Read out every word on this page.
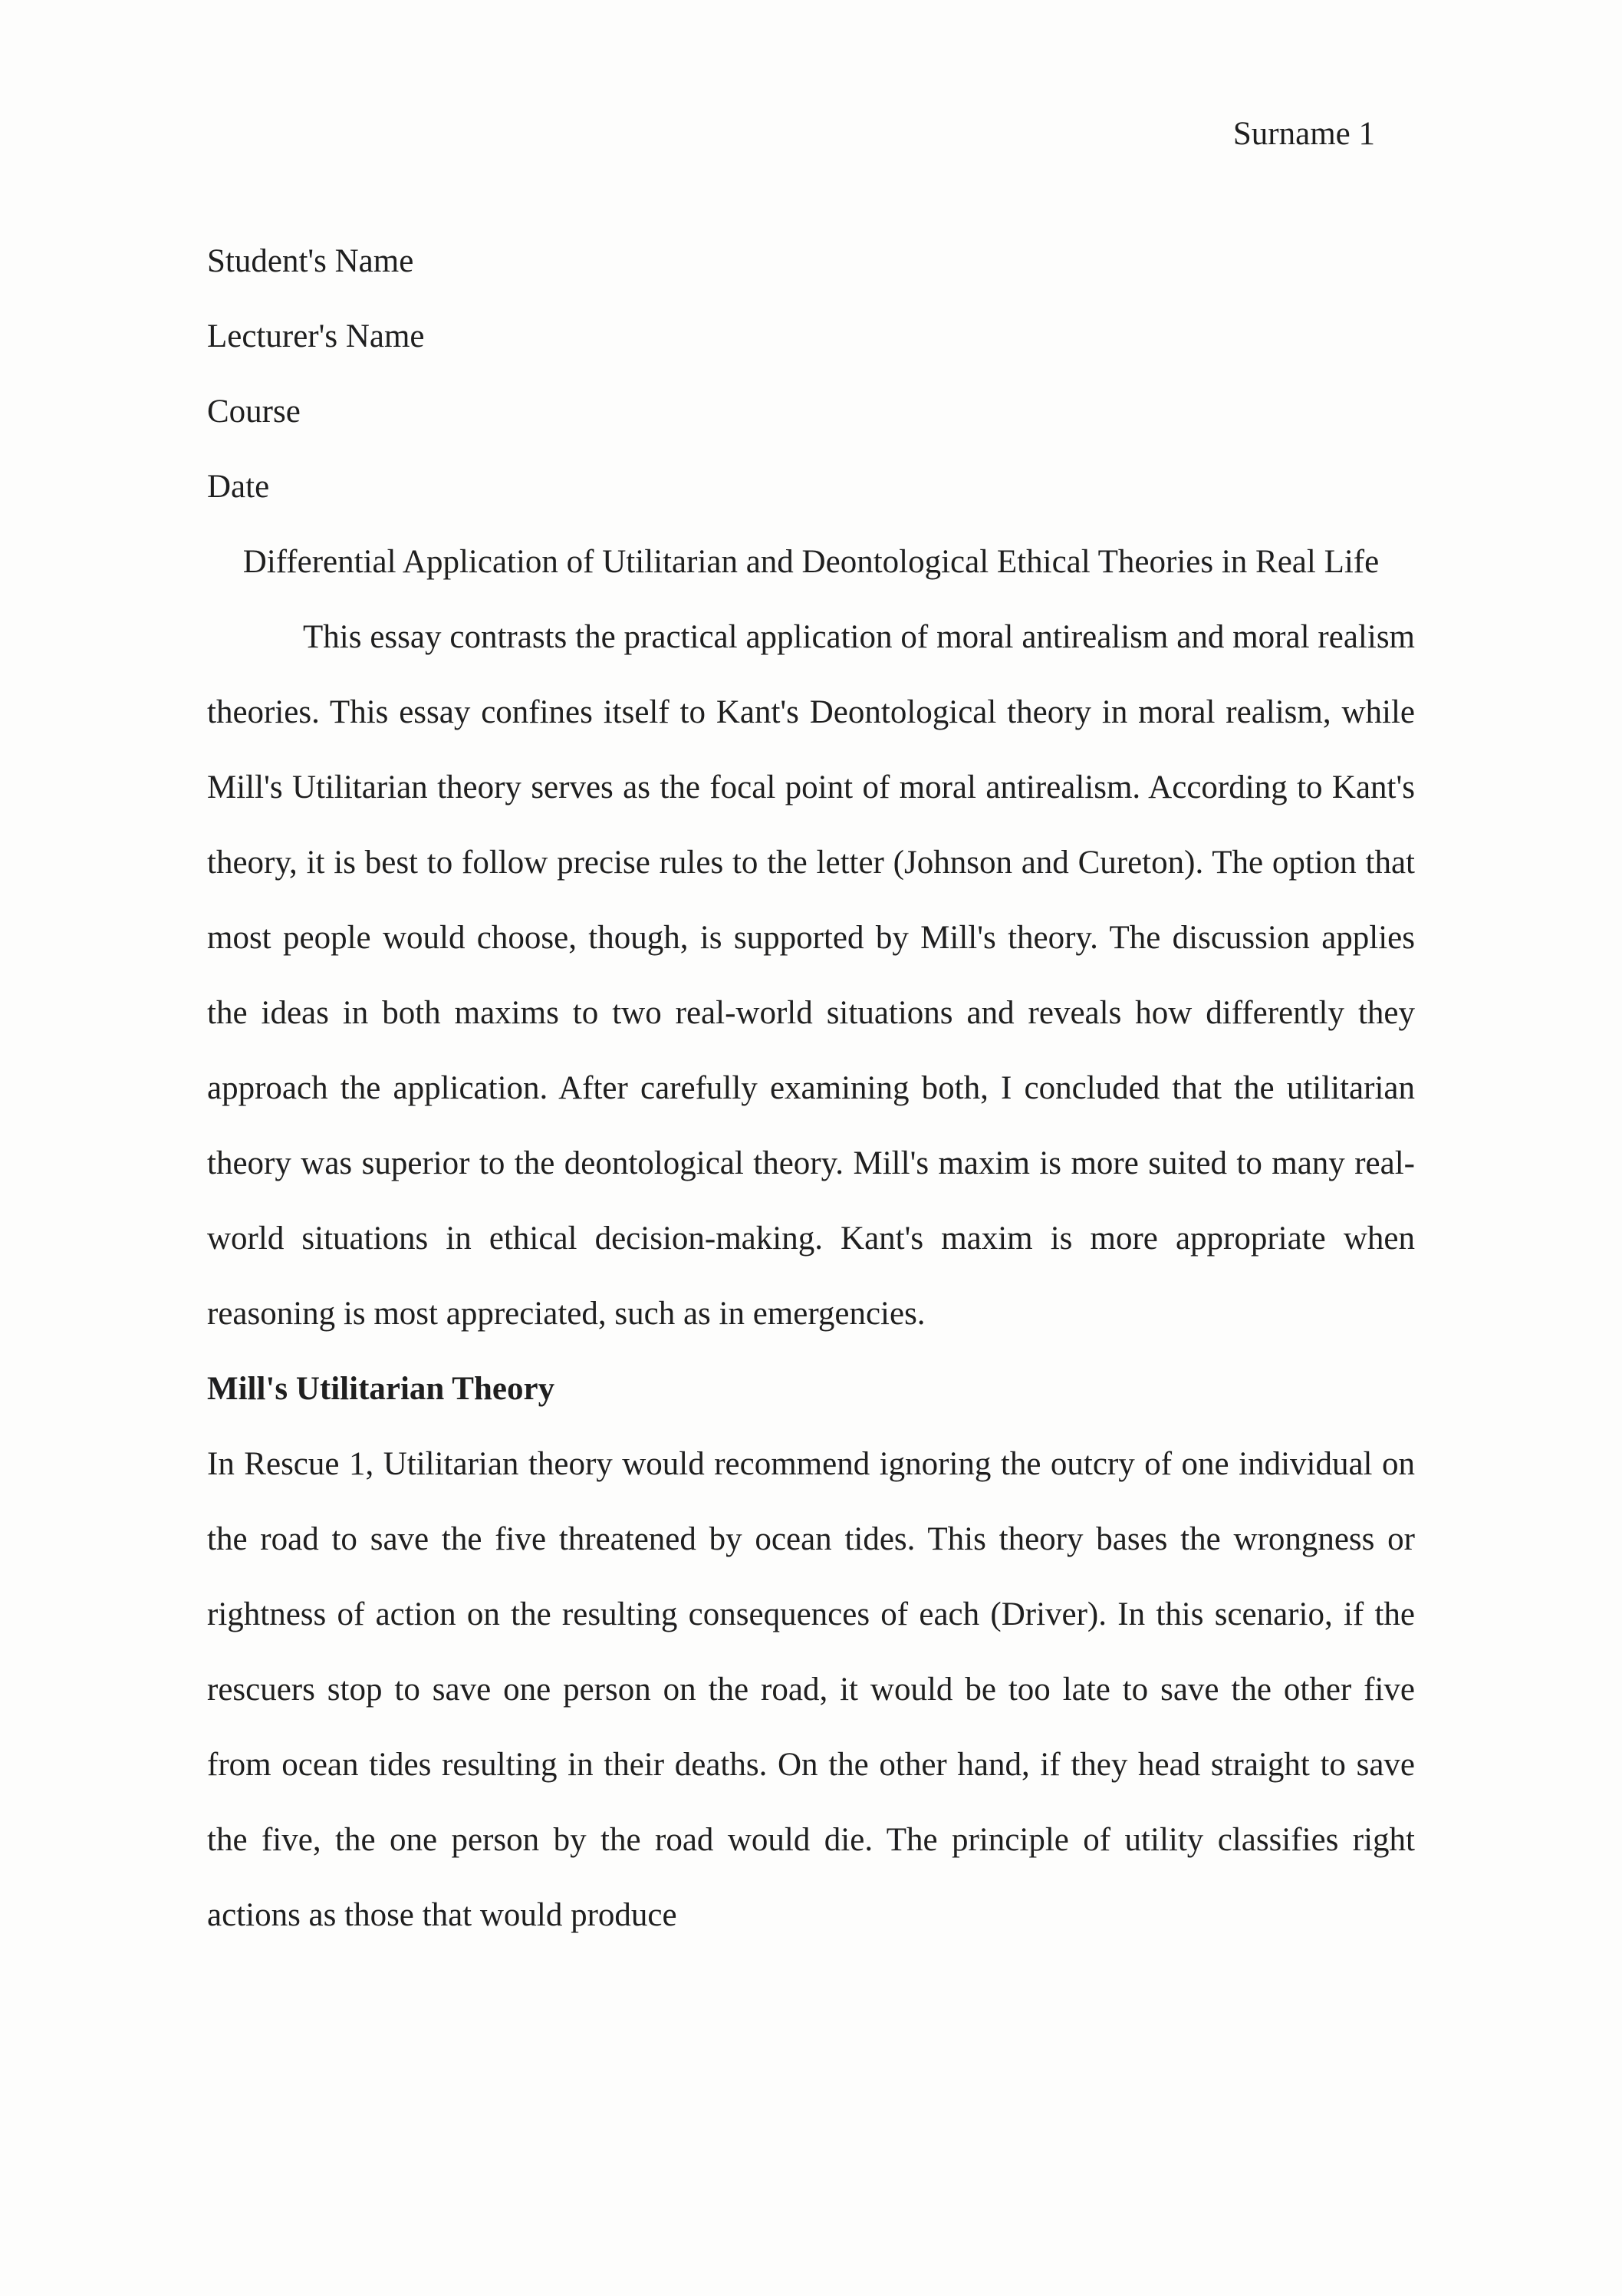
Surname 1
Student's Name
Lecturer's Name
Course
Date
Differential Application of Utilitarian and Deontological Ethical Theories in Real Life

This essay contrasts the practical application of moral antirealism and moral realism theories. This essay confines itself to Kant's Deontological theory in moral realism, while Mill's Utilitarian theory serves as the focal point of moral antirealism. According to Kant's theory, it is best to follow precise rules to the letter (Johnson and Cureton). The option that most people would choose, though, is supported by Mill's theory. The discussion applies the ideas in both maxims to two real-world situations and reveals how differently they approach the application. After carefully examining both, I concluded that the utilitarian theory was superior to the deontological theory. Mill's maxim is more suited to many real-world situations in ethical decision-making. Kant's maxim is more appropriate when reasoning is most appreciated, such as in emergencies.

Mill's Utilitarian Theory

In Rescue 1, Utilitarian theory would recommend ignoring the outcry of one individual on the road to save the five threatened by ocean tides. This theory bases the wrongness or rightness of action on the resulting consequences of each (Driver). In this scenario, if the rescuers stop to save one person on the road, it would be too late to save the other five from ocean tides resulting in their deaths. On the other hand, if they head straight to save the five, the one person by the road would die. The principle of utility classifies right actions as those that would produce
